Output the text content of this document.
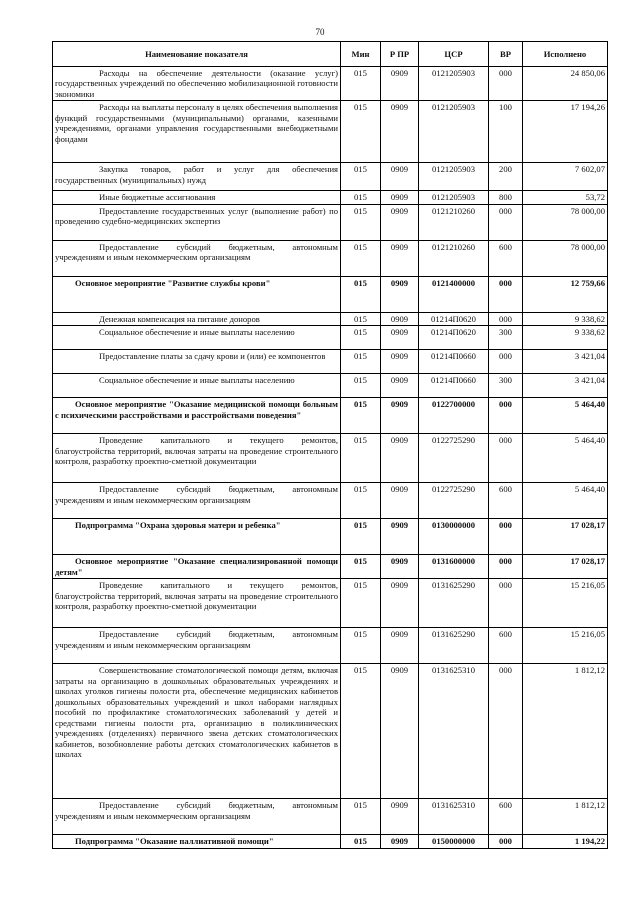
70
Наименование показателя	Мин	Р ПР	ЦСР	ВР	Исполнено
Расходы на обеспечение деятельности (оказание услуг) государственных учреждений по обеспечению мобилизационной готовности экономики	015	0909	0121205903	000	24 850,06
Расходы на выплаты персоналу в целях обеспечения выполнения функций государственными (муниципальными) органами, казенными учреждениями, органами управления государственными внебюджетными фондами	015	0909	0121205903	100	17 194,26
Закупка товаров, работ и услуг для обеспечения государственных (муниципальных) нужд	015	0909	0121205903	200	7 602,07
Иные бюджетные ассигнования	015	0909	0121205903	800	53,72
Предоставление государственных услуг (выполнение работ) по проведению судебно-медицинских экспертиз	015	0909	0121210260	000	78 000,00
Предоставление субсидий бюджетным, автономным учреждениям и иным некоммерческим организациям	015	0909	0121210260	600	78 000,00
Основное мероприятие "Развитие службы крови"	015	0909	0121400000	000	12 759,66
Денежная компенсация на питание доноров	015	0909	01214П0620	000	9 338,62
Социальное обеспечение и иные выплаты населению	015	0909	01214П0620	300	9 338,62
Предоставление платы за сдачу крови и (или) ее компонентов	015	0909	01214П0660	000	3 421,04
Социальное обеспечение и иные выплаты населению	015	0909	01214П0660	300	3 421,04
Основное мероприятие "Оказание медицинской помощи больным с психическими расстройствами и расстройствами поведения"	015	0909	0122700000	000	5 464,40
Проведение капитального и текущего ремонтов, благоустройства территорий, включая затраты на проведение строительного контроля, разработку проектно-сметной документации	015	0909	0122725290	000	5 464,40
Предоставление субсидий бюджетным, автономным учреждениям и иным некоммерческим организациям	015	0909	0122725290	600	5 464,40
Подпрограмма "Охрана здоровья матери и ребенка"	015	0909	0130000000	000	17 028,17
Основное мероприятие "Оказание специализированной помощи детям"	015	0909	0131600000	000	17 028,17
Проведение капитального и текущего ремонтов, благоустройства территорий, включая затраты на проведение строительного контроля, разработку проектно-сметной документации	015	0909	0131625290	000	15 216,05
Предоставление субсидий бюджетным, автономным учреждениям и иным некоммерческим организациям	015	0909	0131625290	600	15 216,05
Совершенствование стоматологической помощи детям, включая затраты на организацию в дошкольных образовательных учреждениях и школах уголков гигиены полости рта, обеспечение медицинских кабинетов дошкольных образовательных учреждений и школ наборами наглядных пособий по профилактике стоматологических заболеваний у детей и средствами гигиены полости рта, организацию в поликлинических учреждениях (отделениях) первичного звена детских стоматологических кабинетов, возобновление работы детских стоматологических кабинетов в школах	015	0909	0131625310	000	1 812,12
Предоставление субсидий бюджетным, автономным учреждениям и иным некоммерческим организациям	015	0909	0131625310	600	1 812,12
Подпрограмма "Оказание паллиативной помощи"	015	0909	0150000000	000	1 194,22
